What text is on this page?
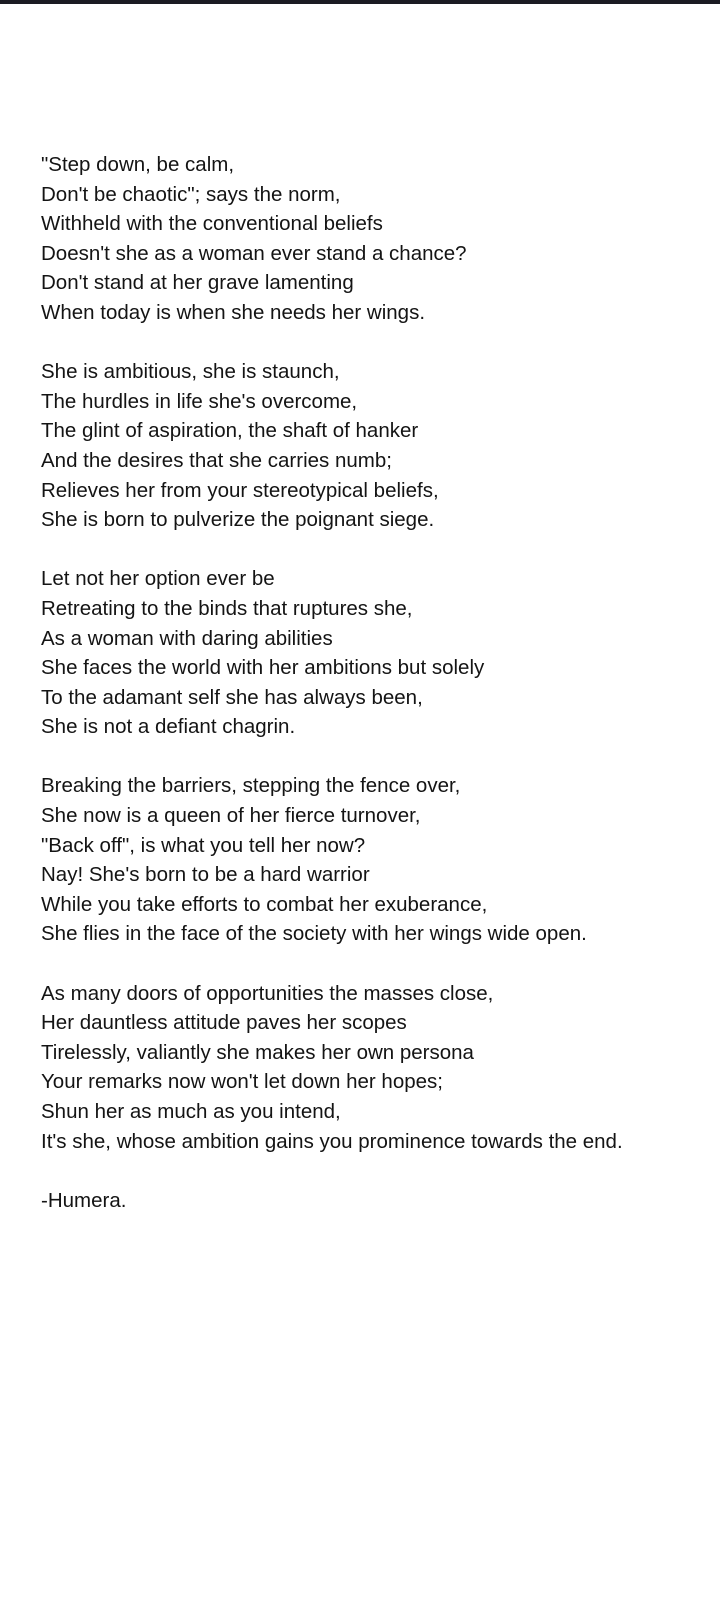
"Step down, be calm,
Don't be chaotic"; says the norm,
Withheld with the conventional beliefs
Doesn't she as a woman ever stand a chance?
Don't stand at her grave lamenting
When today is when she needs her wings.
She is ambitious, she is staunch,
The hurdles in life she's overcome,
The glint of aspiration, the shaft of hanker
And the desires that she carries numb;
Relieves her from your stereotypical beliefs,
She is born to pulverize the poignant siege.
Let not her option ever be
Retreating to the binds that ruptures she,
As a woman with daring abilities
She faces the world with her ambitions but solely
To the adamant self she has always been,
She is not a defiant chagrin.
Breaking the barriers, stepping the fence over,
She now is a queen of her fierce turnover,
"Back off", is what you tell her now?
Nay! She's born to be a hard warrior
While you take efforts to combat her exuberance,
She flies in the face of the society with her wings wide open.
As many doors of opportunities the masses close,
Her dauntless attitude paves her scopes
Tirelessly, valiantly she makes her own persona
Your remarks now won't let down her hopes;
Shun her as much as you intend,
It's she, whose ambition gains you prominence towards the end.
-Humera.
